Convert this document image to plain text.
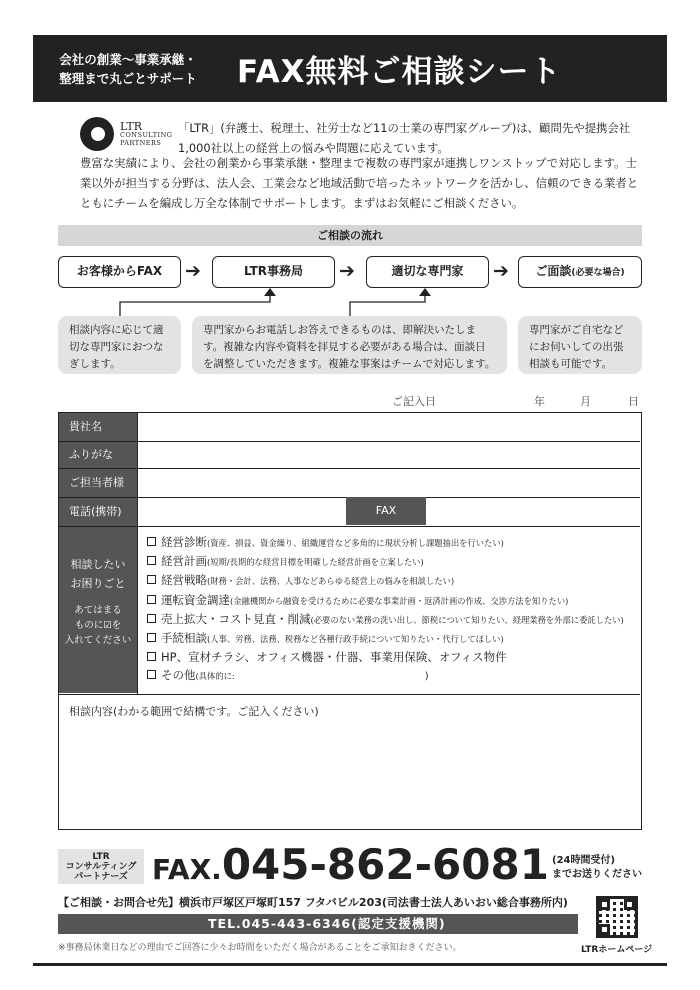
会社の創業〜事業承継・
整理まで丸ごとサポート	FAX無料ご相談シート
LTR
CONSULTING
PARTNERS

「LTR」(弁護士、税理士、社労士など11の士業の専門家グループ)は、顧問先や提携会社1,000社以上の経営上の悩みや問題に応えています。

豊富な実績により、会社の創業から事業承継・整理まで複数の専門家が連携しワンストップで対応します。士業以外が担当する分野は、法人会、工業会など地域活動で培ったネットワークを活かし、信頼のできる業者とともにチームを編成し万全な体制でサポートします。まずはお気軽にご相談ください。

ご相談の流れ
お客様からFAX	➔	LTR事務局	➔	適切な専門家	➔	ご面談(必要な場合)
相談内容に応じて適切な専門家におつなぎします。
専門家からお電話しお答えできるものは、即解決いたします。複雑な内容や資料を拝見する必要がある場合は、面談日を調整していただきます。複雑な事案はチームで対応します。
専門家がご自宅などにお伺いしての出張相談も可能です。
ご記入日	年	月	日
貴社名
ふりがな
ご担当者様
電話(携帯)	FAX
相談したい
お困りごと
あてはまる
ものに☑を
入れてください
経営診断(資産、損益、資金繰り、組織運営など多角的に現状分析し課題抽出を行いたい)
経営計画(短期/長期的な経営目標を明確した経営計画を立案したい)
経営戦略(財務・会計、法務、人事などあらゆる経営上の悩みを相談したい)
運転資金調達(金融機関から融資を受けるために必要な事業計画・返済計画の作成、交渉方法を知りたい)
売上拡大・コスト見直・削減(必要のない業務の洗い出し、節税について知りたい、経理業務を外部に委託したい)
手続相談(人事、労務、法務、税務など各種行政手続について知りたい・代行してほしい)
HP、宣材チラシ、オフィス機器・什器、事業用保険、オフィス物件
その他(具体的に:	)
相談内容(わかる範囲で結構です。ご記入ください)
LTR
コンサルティング
パートナーズ FAX.045-862-6081 (24時間受付)
までお送りください
【ご相談・お問合せ先】横浜市戸塚区戸塚町157 フタバビル203(司法書士法人あいおい総合事務所内)
TEL.045-443-6346(認定支援機関)
LTRホームページ
※事務局休業日などの理由でご回答に少々お時間をいただく場合があることをご承知おきください。
